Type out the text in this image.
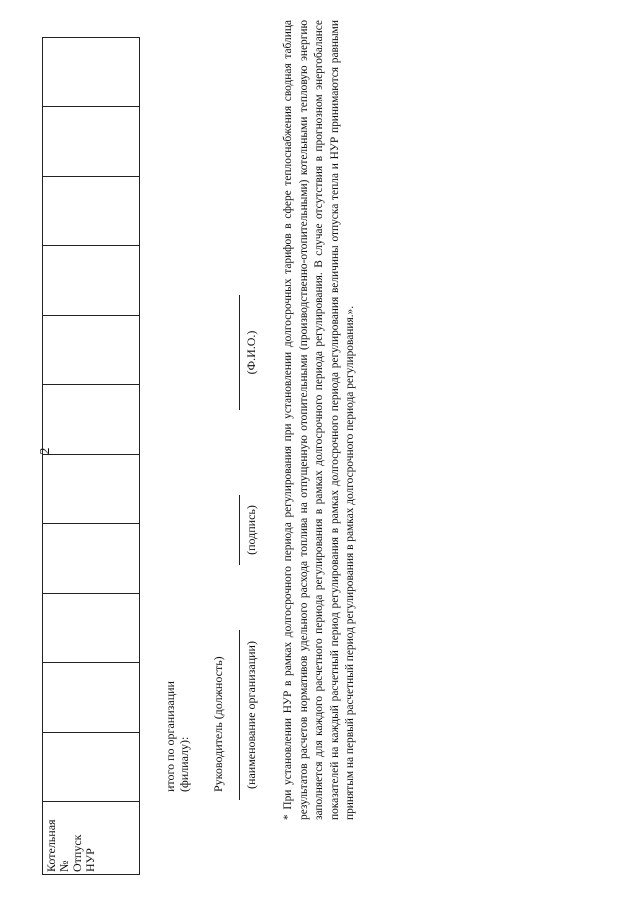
2
Котельная № Отпуск НУР

итого по организации (филиалу): Руководитель (должность) (наименование организации)
(подпись)
(Ф.И.О.) * При установлении НУР в рамках долгосрочного периода регулирования при установлении долгосрочных тарифов в сфере теплоснабжения сводная таблица результатов расчетов нормативов удельного расхода топлива на отпущенную отопительными (производственно-отопительными) котельными тепловую энергию заполняется для каждого расчетного периода регулирования в рамках долгосрочного периода регулирования. В случае отсутствия в прогнозном энергобалансе показателей на каждый расчетный период регулирования в рамках долгосрочного периода регулирования величины отпуска тепла и НУР принимаются равными принятым на первый расчетный период регулирования в рамках долгосрочного периода регулирования.».
